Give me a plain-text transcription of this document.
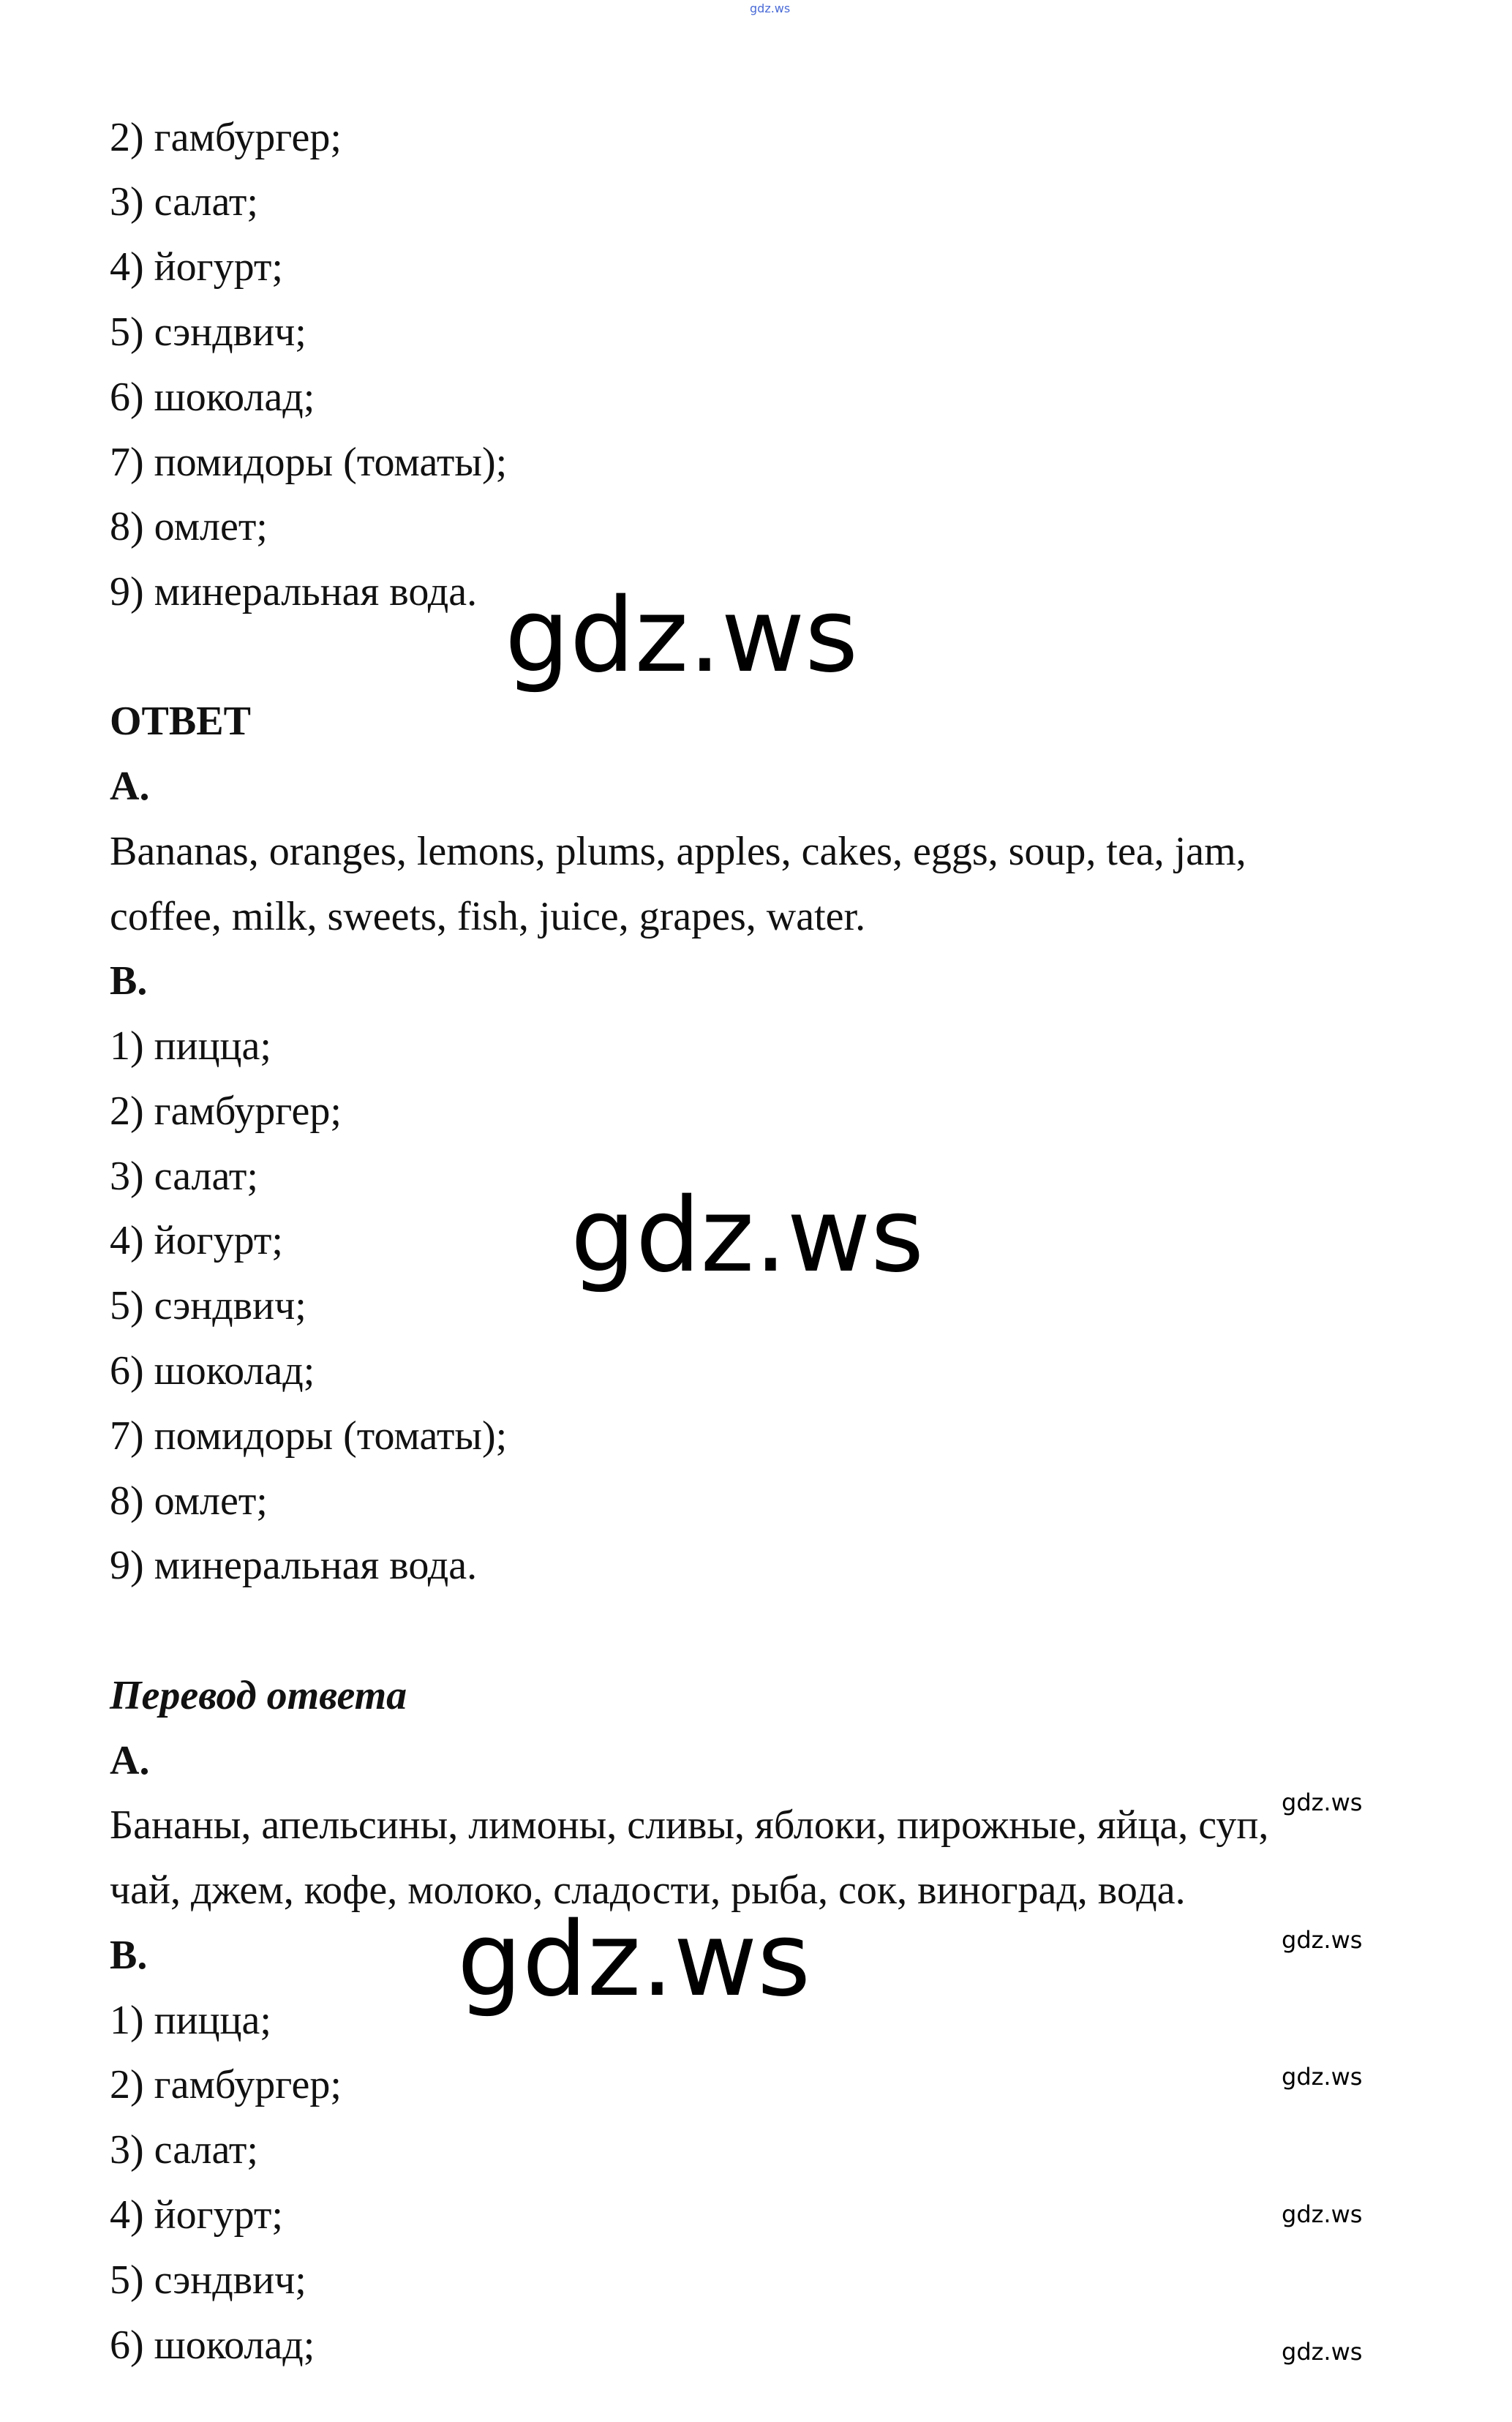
gdz.ws
2) гамбургер;
3) салат;
4) йогурт;
5) сэндвич;
6) шоколад;
7) помидоры (томаты);
8) омлет;
9) минеральная вода. gdz.ws
ОТВЕТ
A.
Bananas, oranges, lemons, plums, apples, cakes, eggs, soup, tea, jam,
coffee, milk, sweets, fish, juice, grapes, water.
B.
1) пицца;
2) гамбургер;
3) салат;
4) йогурт;
5) сэндвич;
6) шоколад;
7) помидоры (томаты);
8) омлет;
9) минеральная вода.
gdz.ws
Перевод ответа
A.
Бананы, апельсины, лимоны, сливы, яблоки, пирожные, яйца, суп,
чай, джем, кофе, молоко, сладости, рыба, сок, виноград, вода.
B.
1) пицца;
2) гамбургер;
3) салат;
4) йогурт;
5) сэндвич;
6) шоколад;
gdz.ws
gdz.ws
gdz.ws
gdz.ws
gdz.ws
gdz.ws
